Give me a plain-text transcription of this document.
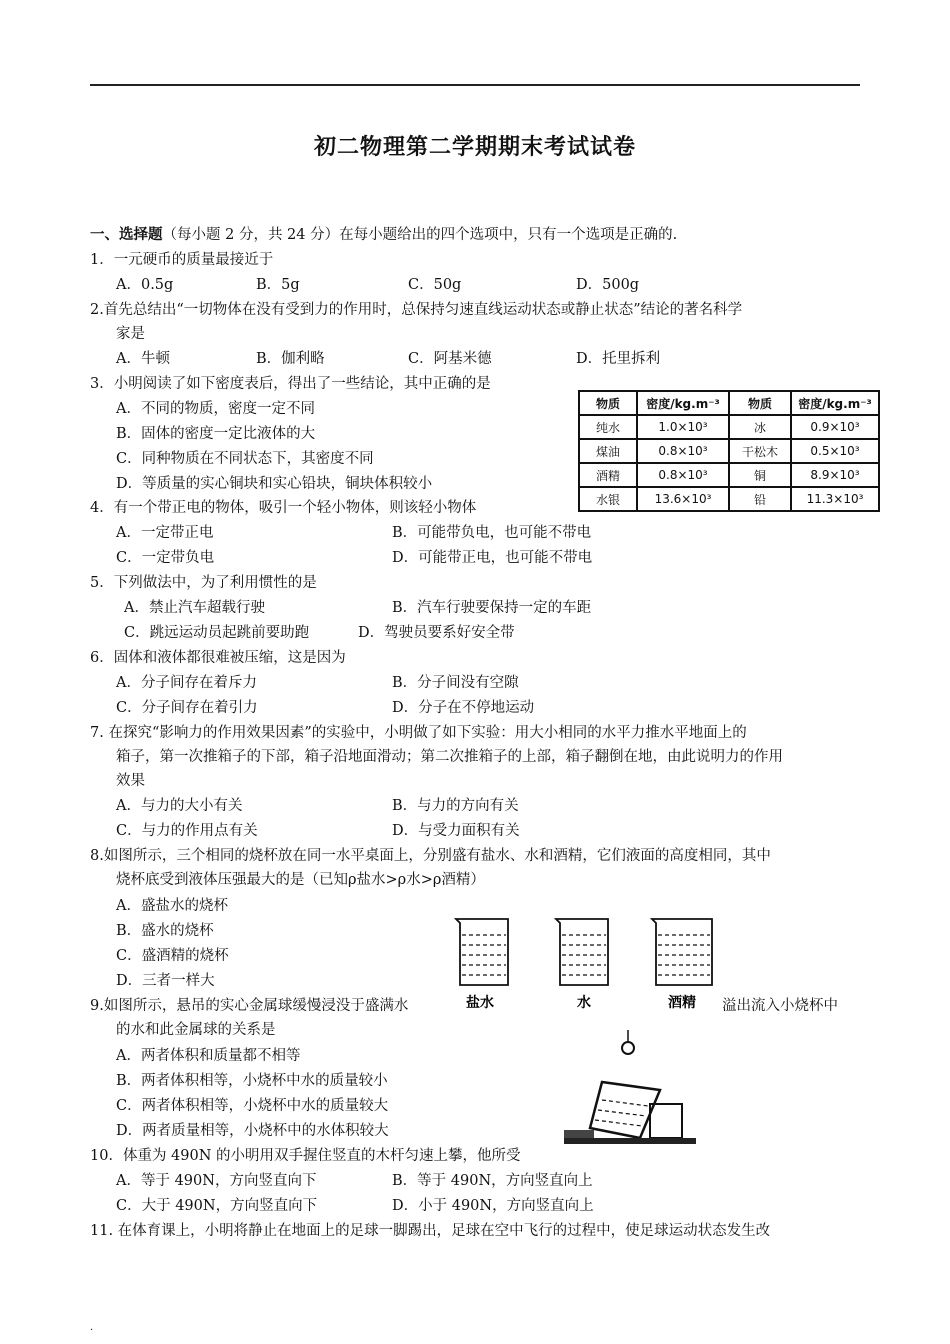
初二物理第二学期期末考试试卷
一、选择题（每小题 2 分，共 24 分）在每小题给出的四个选项中，只有一个选项是正确的.
1．一元硬币的质量最接近于
A．0.5g	B．5g	C．50g	D．500g
2.首先总结出“一切物体在没有受到力的作用时，总保持匀速直线运动状态或静止状态”结论的著名科学
家是
A．牛顿	B．伽利略	C．阿基米德	D．托里拆利
3．小明阅读了如下密度表后，得出了一些结论，其中正确的是
A．不同的物质，密度一定不同
B．固体的密度一定比液体的大
C．同种物质在不同状态下，其密度不同
D．等质量的实心铜块和实心铅块，铜块体积较小
物质	密度/kg.m⁻³	物质	密度/kg.m⁻³
纯水	1.0×10³	冰	0.9×10³
煤油	0.8×10³	干松木	0.5×10³
酒精	0.8×10³	铜	8.9×10³
水银	13.6×10³	铅	11.3×10³
4．有一个带正电的物体，吸引一个轻小物体，则该轻小物体
A．一定带正电	B．可能带负电，也可能不带电
C．一定带负电	D．可能带正电，也可能不带电
5．下列做法中，为了利用惯性的是
A．禁止汽车超载行驶	B．汽车行驶要保持一定的车距
C．跳远运动员起跳前要助跑	D．驾驶员要系好安全带
6．固体和液体都很难被压缩，这是因为
A．分子间存在着斥力	B．分子间没有空隙
C．分子间存在着引力	D．分子在不停地运动
7. 在探究“影响力的作用效果因素”的实验中，小明做了如下实验：用大小相同的水平力推水平地面上的
箱子，第一次推箱子的下部，箱子沿地面滑动；第二次推箱子的上部，箱子翻倒在地，由此说明力的作用
效果
A．与力的大小有关	B．与力的方向有关
C．与力的作用点有关	D．与受力面积有关
8.如图所示，三个相同的烧杯放在同一水平桌面上，分别盛有盐水、水和酒精，它们液面的高度相同，其中
烧杯底受到液体压强最大的是（已知ρ盐水>ρ水>ρ酒精）
A．盛盐水的烧杯
B．盛水的烧杯
C．盛酒精的烧杯
D．三者一样大
盐水	水	酒精
9.如图所示，悬吊的实心金属球缓慢浸没于盛满水	溢出流入小烧杯中
的水和此金属球的关系是
A．两者体积和质量都不相等
B．两者体积相等，小烧杯中水的质量较小
C．两者体积相等，小烧杯中水的质量较大
D．两者质量相等，小烧杯中的水体积较大
10．体重为 490N 的小明用双手握住竖直的木杆匀速上攀，他所受
A．等于 490N，方向竖直向下	B．等于 490N，方向竖直向上
C．大于 490N，方向竖直向下	D．小于 490N，方向竖直向上
11. 在体育课上，小明将静止在地面上的足球一脚踢出，足球在空中飞行的过程中，使足球运动状态发生改
.
